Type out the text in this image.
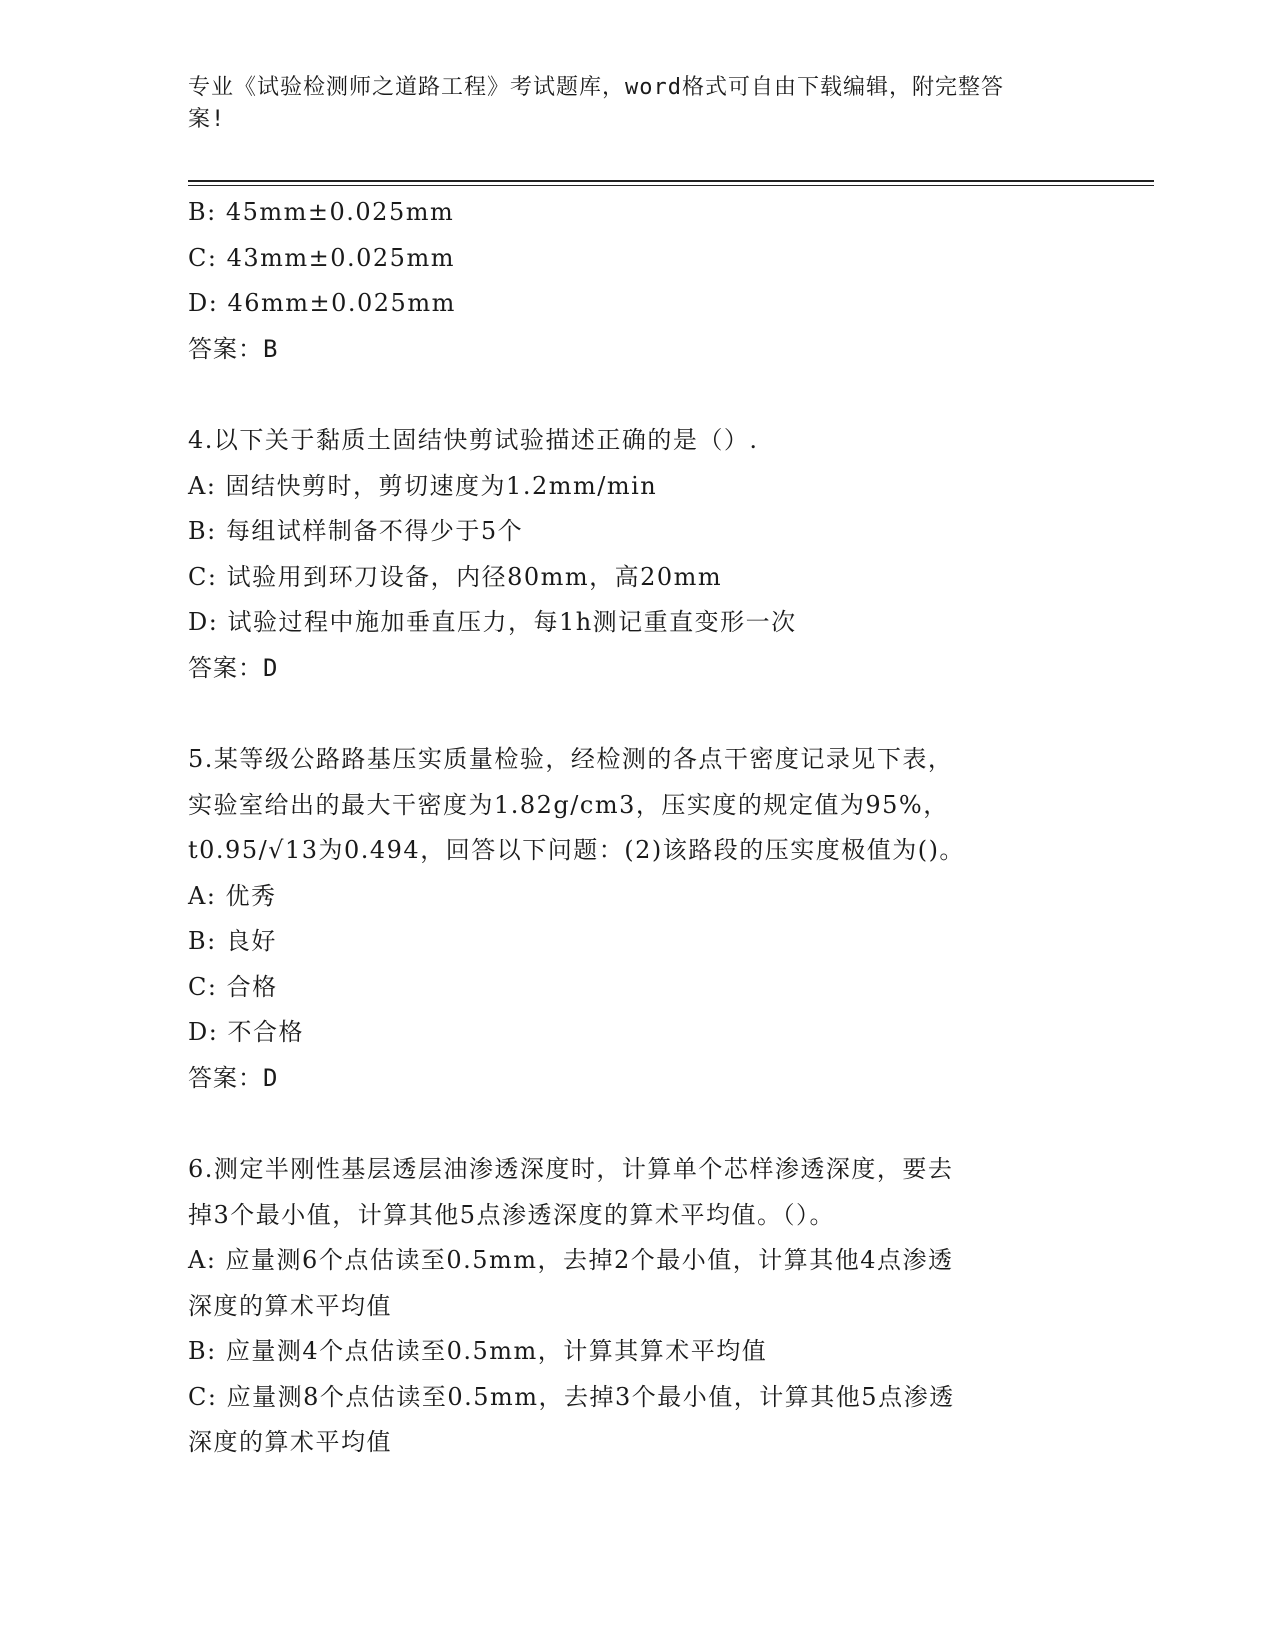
专业《试验检测师之道路工程》考试题库，word格式可自由下载编辑，附完整答
案!
B: 45mm±0.025mm
C: 43mm±0.025mm
D: 46mm±0.025mm
答案：B
4.以下关于黏质土固结快剪试验描述正确的是（）.
A: 固结快剪时，剪切速度为1.2mm/min
B: 每组试样制备不得少于5个
C: 试验用到环刀设备，内径80mm，高20mm
D: 试验过程中施加垂直压力，每1h测记重直变形一次
答案：D
5.某等级公路路基压实质量检验，经检测的各点干密度记录见下表，
实验室给出的最大干密度为1.82g/cm3，压实度的规定值为95%，
t0.95/√13为0.494，回答以下问题：(2)该路段的压实度极值为()。
A: 优秀
B: 良好
C: 合格
D: 不合格
答案：D
6.测定半刚性基层透层油渗透深度时，计算单个芯样渗透深度，要去
掉3个最小值，计算其他5点渗透深度的算术平均值。（）。
A: 应量测6个点估读至0.5mm，去掉2个最小值，计算其他4点渗透
深度的算术平均值
B: 应量测4个点估读至0.5mm，计算其算术平均值
C: 应量测8个点估读至0.5mm，去掉3个最小值，计算其他5点渗透
深度的算术平均值
